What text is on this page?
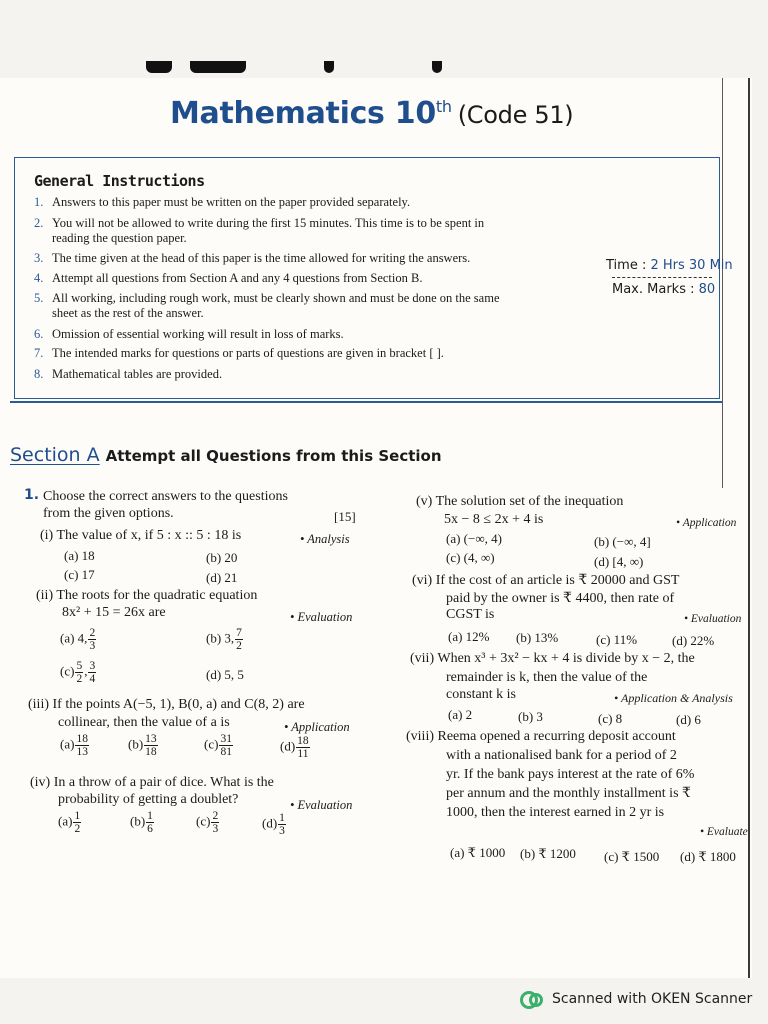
Mathematics 10th (Code 51)
General Instructions
1. Answers to this paper must be written on the paper provided separately.
2. You will not be allowed to write during the first 15 minutes. This time is to be spent in
reading the question paper.
3. The time given at the head of this paper is the time allowed for writing the answers.
4. Attempt all questions from Section A and any 4 questions from Section B.
5. All working, including rough work, must be clearly shown and must be done on the same
sheet as the rest of the answer.
6. Omission of essential working will result in loss of marks.
7. The intended marks for questions or parts of questions are given in bracket [ ].
8. Mathematical tables are provided.
Time : 2 Hrs 30 Min
Max. Marks : 80
Section A Attempt all Questions from this Section
1. Choose the correct answers to the questions
from the given options.	[15]
(i) The value of x, if 5 : x :: 5 : 18 is	• Analysis
(a) 18	(b) 20
(c) 17	(d) 21
(ii) The roots for the quadratic equation
8x² + 15 = 26x are	• Evaluation
(a) 4, $\frac{2}{3}$	(b) 3, $\frac{7}{2}$
$(c) \frac{5}{2}$ , $\frac{3}{4}$	(d) 5, 5
(iii) If the points A(−5, 1), B(0, a) and C(8, 2) are
collinear, then the value of a is	• Application
$(a) \frac{18}{13}$	$(b) \frac{13}{18}$	$(c) \frac{31}{81}$	$(d) \frac{18}{11}$
(iv) In a throw of a pair of dice. What is the
probability of getting a doublet?	• Evaluation
$(a) \frac{1}{2}$	$(b) \frac{1}{6}$	$(c) \frac{2}{3}$	$(d) \frac{1}{3}$
(v) The solution set of the inequation
5x − 8 ≤ 2x + 4 is	• Application
(a) (−∞, 4)	(b) (−∞, 4]
(c) (4, ∞)	(d) [4, ∞)
(vi) If the cost of an article is ₹ 20000 and GST
paid by the owner is ₹ 4400, then rate of
CGST is	• Evaluation
(a) 12% (b) 13%	(c) 11%	(d) 22%
(vii) When x³ + 3x² − kx + 4 is divide by x − 2, the
remainder is k, then the value of the
constant k is	• Application & Analysis
(a) 2	(b) 3	(c) 8	(d) 6
(viii) Reema opened a recurring deposit account
with a nationalised bank for a period of 2
yr. If the bank pays interest at the rate of 6%
per annum and the monthly installment is ₹
1000, then the interest earned in 2 yr is
• Evaluate
(a) ₹ 1000 (b) ₹ 1200 (c) ₹ 1500 (d) ₹ 1800
Scanned with OKEN Scanner
